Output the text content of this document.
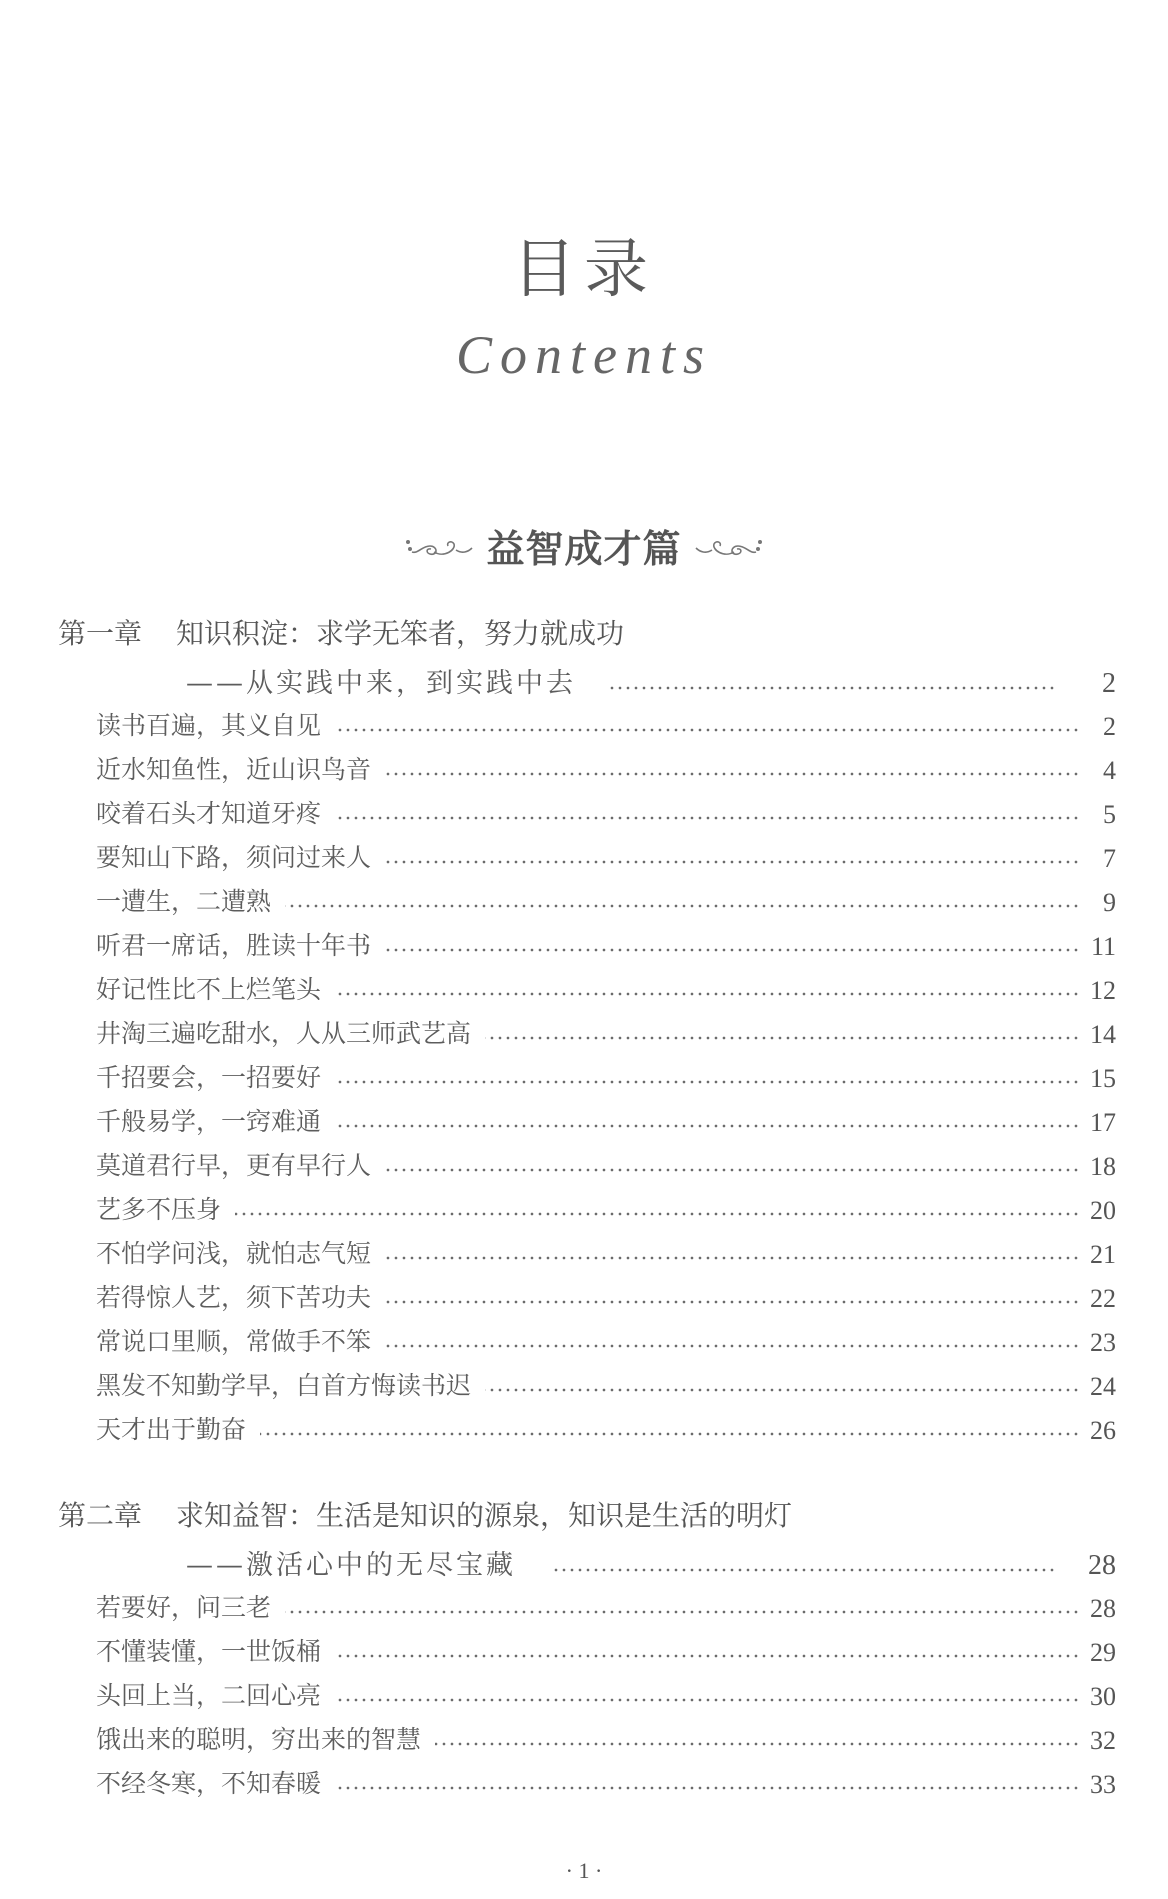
目录
Contents
益智成才篇
第一章 知识积淀：求学无笨者，努力就成功
——从实践中来，到实践中去	2
读书百遍，其义自见	2
近水知鱼性，近山识鸟音	4
咬着石头才知道牙疼	5
要知山下路，须问过来人	7
一遭生，二遭熟	9
听君一席话，胜读十年书	11
好记性比不上烂笔头	12
井淘三遍吃甜水，人从三师武艺高	14
千招要会，一招要好	15
千般易学，一窍难通	17
莫道君行早，更有早行人	18
艺多不压身	20
不怕学问浅，就怕志气短	21
若得惊人艺，须下苦功夫	22
常说口里顺，常做手不笨	23
黑发不知勤学早，白首方悔读书迟	24
天才出于勤奋	26
第二章 求知益智：生活是知识的源泉，知识是生活的明灯
——激活心中的无尽宝藏	28
若要好，问三老	28
不懂装懂，一世饭桶	29
头回上当，二回心亮	30
饿出来的聪明，穷出来的智慧	32
不经冬寒，不知春暖	33
· 1 ·
